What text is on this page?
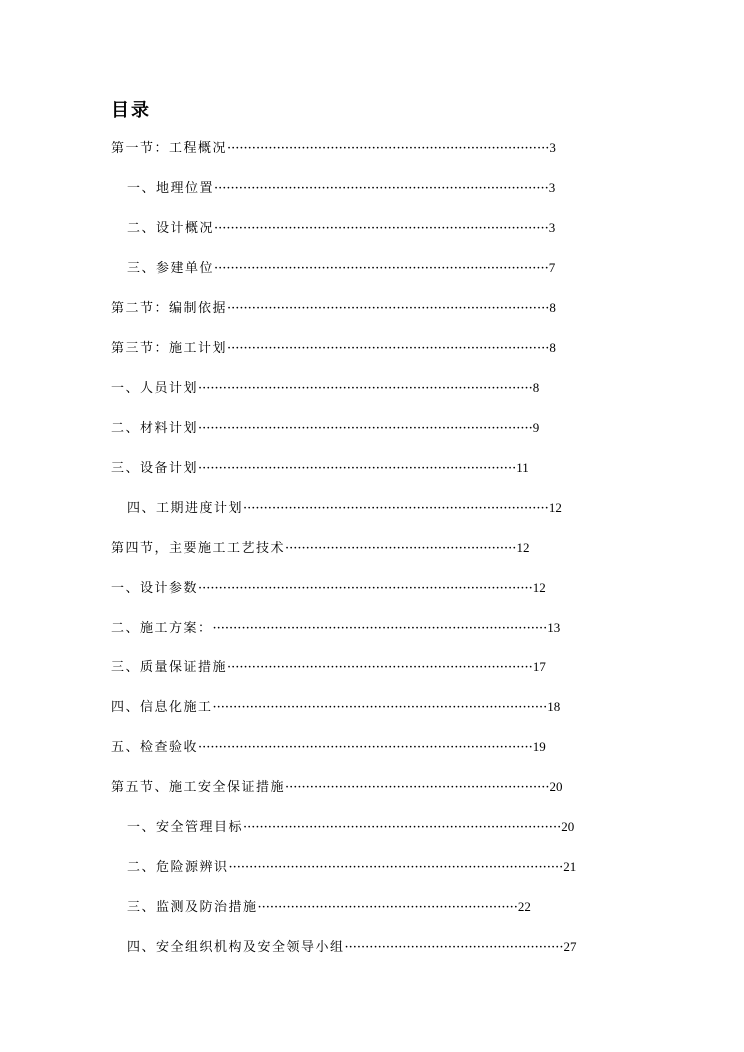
目录
第一节：工程概况··············································································3
一、地理位置·················································································3
二、设计概况·················································································3
三、参建单位·················································································7
第二节：编制依据··············································································8
第三节：施工计划··············································································8
一、人员计划·················································································8
二、材料计划·················································································9
三、设备计划·············································································11
四、工期进度计划··········································································12
第四节，主要施工工艺技术························································12
一、设计参数·················································································12
二、施工方案：·················································································13
三、质量保证措施··········································································17
四、信息化施工·················································································18
五、检查验收·················································································19
第五节、施工安全保证措施································································20
一、安全管理目标·············································································20
二、危险源辨识·················································································21
三、监测及防治措施·······························································22
四、安全组织机构及安全领导小组·····················································27
